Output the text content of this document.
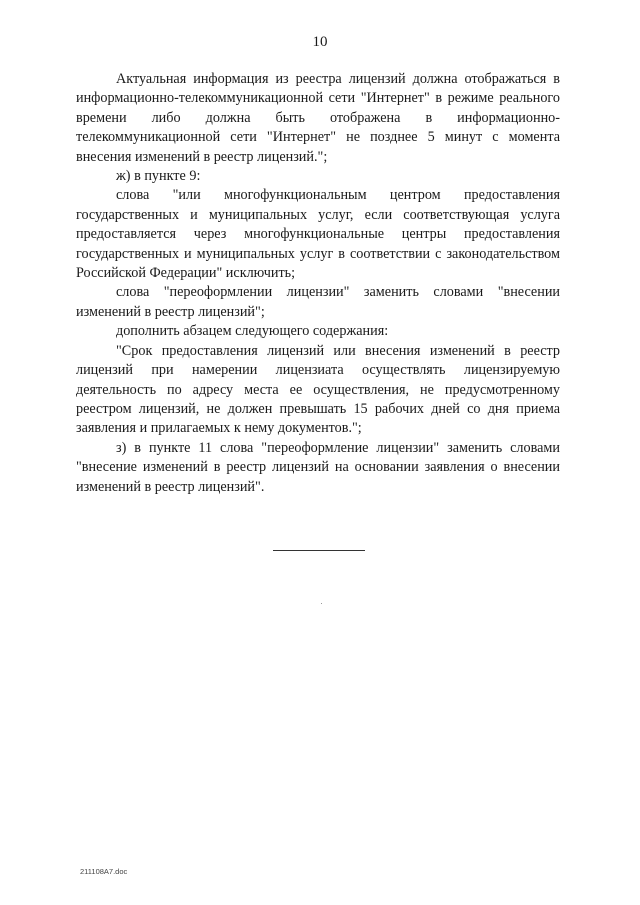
10

Актуальная информация из реестра лицензий должна отображаться в информационно-телекоммуникационной сети "Интернет" в режиме реального времени либо должна быть отображена в информационно-телекоммуникационной сети "Интернет" не позднее 5 минут с момента внесения изменений в реестр лицензий.";

ж) в пункте 9:

слова "или многофункциональным центром предоставления государственных и муниципальных услуг, если соответствующая услуга предоставляется через многофункциональные центры предоставления государственных и муниципальных услуг в соответствии с законодательством Российской Федерации" исключить;

слова "переоформлении лицензии" заменить словами "внесении изменений в реестр лицензий";

дополнить абзацем следующего содержания:

"Срок предоставления лицензий или внесения изменений в реестр лицензий при намерении лицензиата осуществлять лицензируемую деятельность по адресу места ее осуществления, не предусмотренному реестром лицензий, не должен превышать 15 рабочих дней со дня приема заявления и прилагаемых к нему документов.";

з) в пункте 11 слова "переоформление лицензии" заменить словами "внесение изменений в реестр лицензий на основании заявления о внесении изменений в реестр лицензий".

211108А7.doc
